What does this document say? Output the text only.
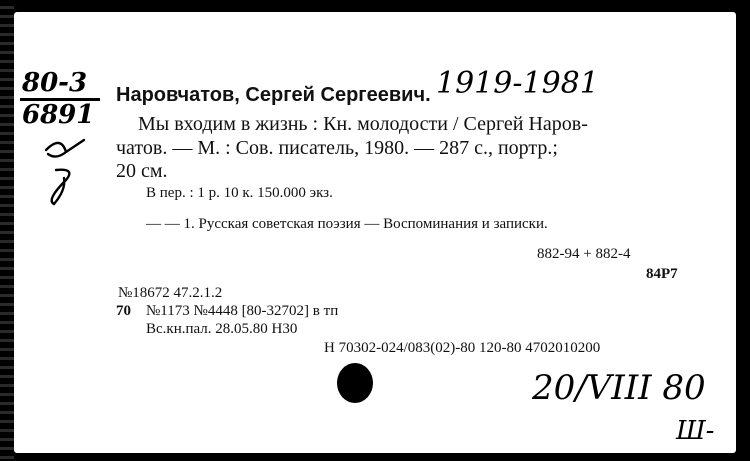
80-3
6891
Наровчатов, Сергей Сергеевич. 1919-1981
Мы входим в жизнь : Кн. молодости / Сергей Наров-
чатов. — М. : Сов. писатель, 1980. — 287 с., портр.;
20 см.
В пер. : 1 р. 10 к. 150.000 экз.
— — 1. Русская советская поэзия — Воспоминания и записки.
882-94 + 882-4
84Р7
№18672 47.2.1.2
70 №1173 №4448 [80-32702] в тп
Вс.кн.пал. 28.05.80 Н30
Н 70302-024/083(02)-80 120-80 4702010200
20/VIII 80
Ш-
